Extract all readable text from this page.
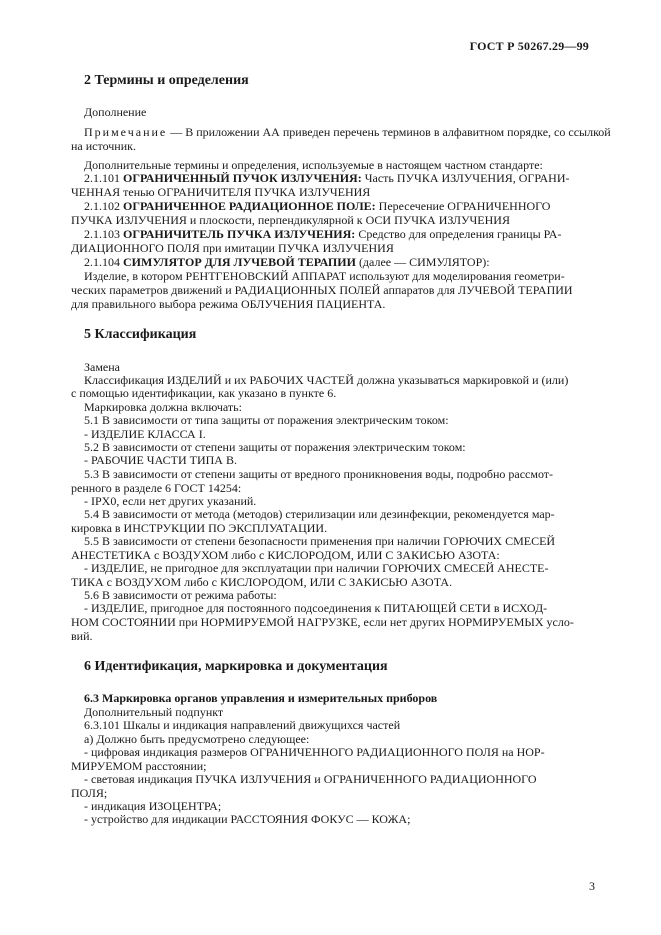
ГОСТ Р 50267.29—99
2 Термины и определения
Дополнение
Примечание — В приложении АА приведен перечень терминов в алфавитном порядке, со ссылкой
на источник.
Дополнительные термины и определения, используемые в настоящем частном стандарте:
2.1.101 ОГРАНИЧЕННЫЙ ПУЧОК ИЗЛУЧЕНИЯ: Часть ПУЧКА ИЗЛУЧЕНИЯ, ОГРАНИ-
ЧЕННАЯ тенью ОГРАНИЧИТЕЛЯ ПУЧКА ИЗЛУЧЕНИЯ
2.1.102 ОГРАНИЧЕННОЕ РАДИАЦИОННОЕ ПОЛЕ: Пересечение ОГРАНИЧЕННОГО
ПУЧКА ИЗЛУЧЕНИЯ и плоскости, перпендикулярной к ОСИ ПУЧКА ИЗЛУЧЕНИЯ
2.1.103 ОГРАНИЧИТЕЛЬ ПУЧКА ИЗЛУЧЕНИЯ: Средство для определения границы РА-
ДИАЦИОННОГО ПОЛЯ при имитации ПУЧКА ИЗЛУЧЕНИЯ
2.1.104 СИМУЛЯТОР ДЛЯ ЛУЧЕВОЙ ТЕРАПИИ (далее — СИМУЛЯТОР):
Изделие, в котором РЕНТГЕНОВСКИЙ АППАРАТ используют для моделирования геометри-
ческих параметров движений и РАДИАЦИОННЫХ ПОЛЕЙ аппаратов для ЛУЧЕВОЙ ТЕРАПИИ
для правильного выбора режима ОБЛУЧЕНИЯ ПАЦИЕНТА.
5 Классификация
Замена
Классификация ИЗДЕЛИЙ и их РАБОЧИХ ЧАСТЕЙ должна указываться маркировкой и (или)
с помощью идентификации, как указано в пункте 6.
Маркировка должна включать:
5.1 В зависимости от типа защиты от поражения электрическим током:
- ИЗДЕЛИЕ КЛАССА I.
5.2 В зависимости от степени защиты от поражения электрическим током:
- РАБОЧИЕ ЧАСТИ ТИПА В.
5.3 В зависимости от степени защиты от вредного проникновения воды, подробно рассмот-
ренного в разделе 6 ГОСТ 14254:
- IPX0, если нет других указаний.
5.4 В зависимости от метода (методов) стерилизации или дезинфекции, рекомендуется мар-
кировка в ИНСТРУКЦИИ ПО ЭКСПЛУАТАЦИИ.
5.5 В зависимости от степени безопасности применения при наличии ГОРЮЧИХ СМЕСЕЙ
АНЕСТЕТИКА с ВОЗДУХОМ либо с КИСЛОРОДОМ, ИЛИ С ЗАКИСЬЮ АЗОТА:
- ИЗДЕЛИЕ, не пригодное для эксплуатации при наличии ГОРЮЧИХ СМЕСЕЙ АНЕСТЕ-
ТИКА с ВОЗДУХОМ либо с КИСЛОРОДОМ, ИЛИ С ЗАКИСЬЮ АЗОТА.
5.6 В зависимости от режима работы:
- ИЗДЕЛИЕ, пригодное для постоянного подсоединения к ПИТАЮЩЕЙ СЕТИ в ИСХОД-
НОМ СОСТОЯНИИ при НОРМИРУЕМОЙ НАГРУЗКЕ, если нет других НОРМИРУЕМЫХ усло-
вий.
6 Идентификация, маркировка и документация
6.3 Маркировка органов управления и измерительных приборов
Дополнительный подпункт
6.3.101 Шкалы и индикация направлений движущихся частей
а) Должно быть предусмотрено следующее:
- цифровая индикация размеров ОГРАНИЧЕННОГО РАДИАЦИОННОГО ПОЛЯ на НОР-
МИРУЕМОМ расстоянии;
- световая индикация ПУЧКА ИЗЛУЧЕНИЯ и ОГРАНИЧЕННОГО РАДИАЦИОННОГО
ПОЛЯ;
- индикация ИЗОЦЕНТРА;
- устройство для индикации РАССТОЯНИЯ ФОКУС — КОЖА;
3
